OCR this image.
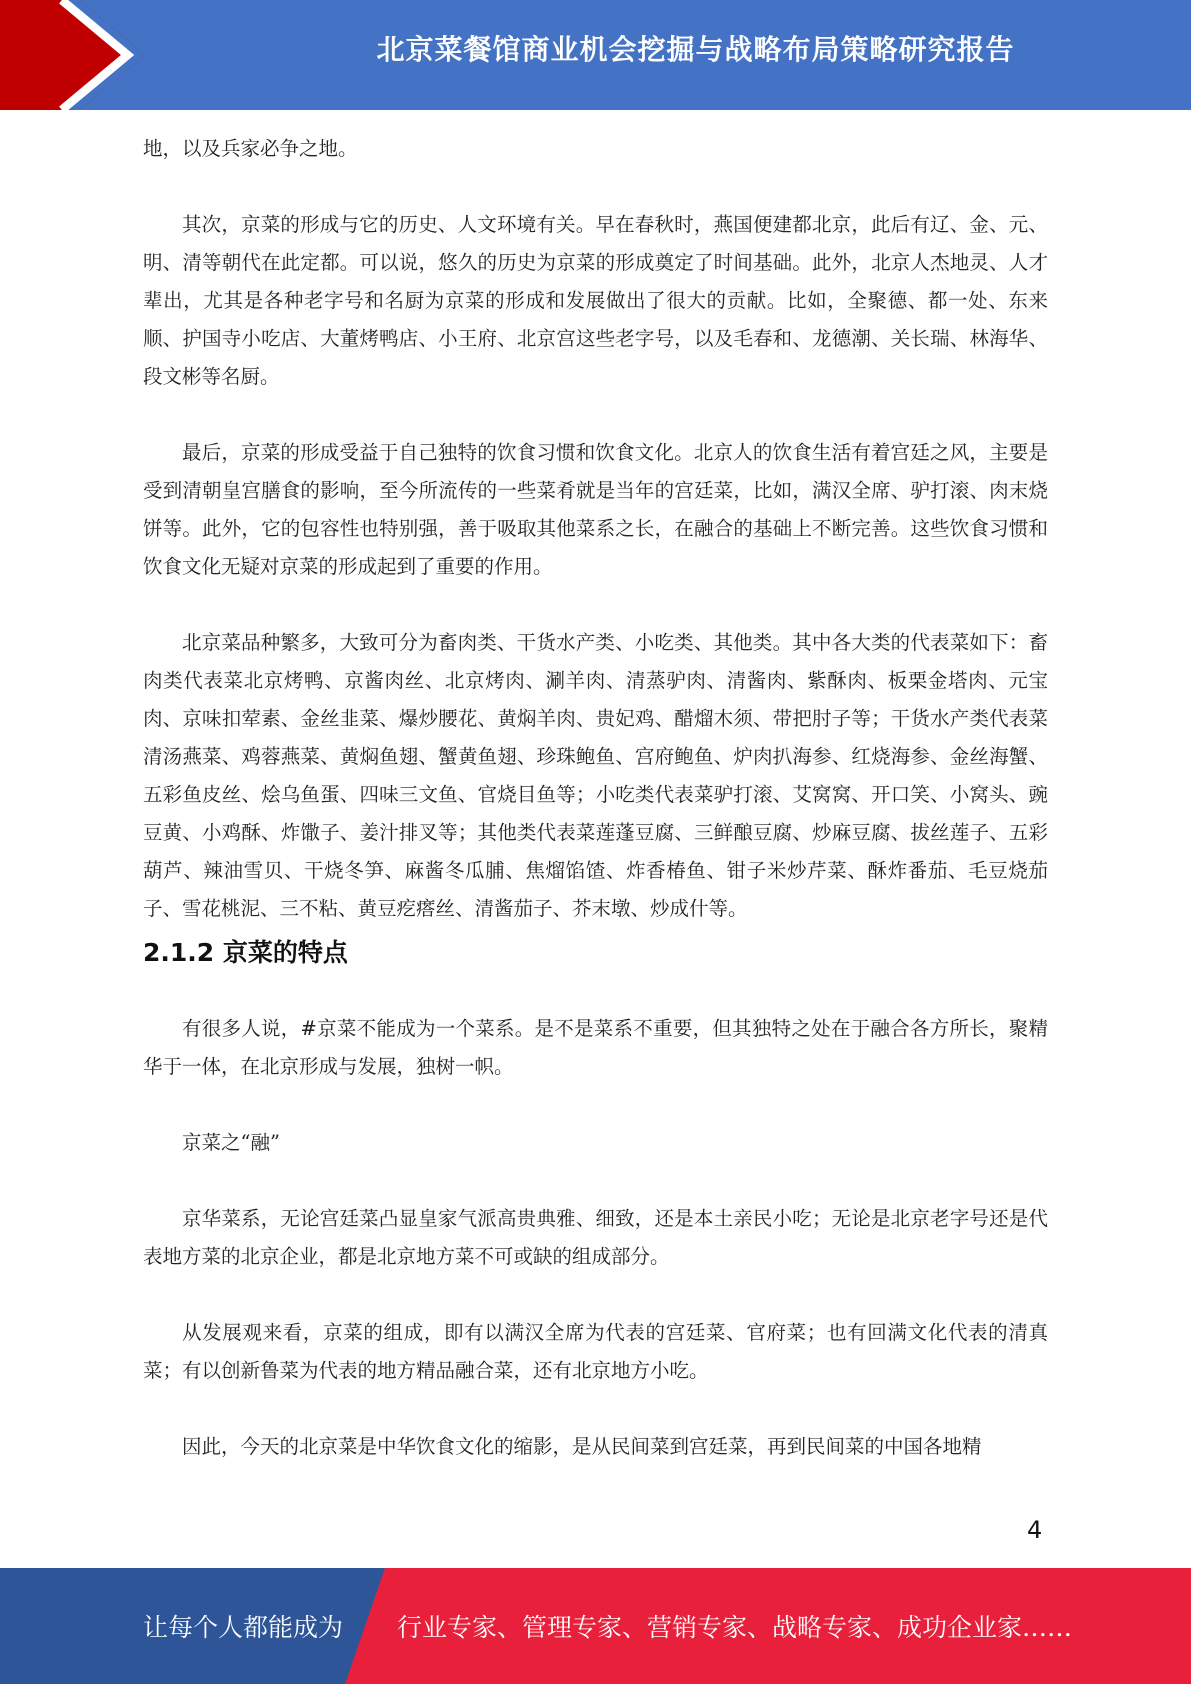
北京菜餐馆商业机会挖掘与战略布局策略研究报告

地，以及兵家必争之地。

其次，京菜的形成与它的历史、人文环境有关。早在春秋时，燕国便建都北京，此后有辽、金、元、明、清等朝代在此定都。可以说，悠久的历史为京菜的形成奠定了时间基础。此外，北京人杰地灵、人才辈出，尤其是各种老字号和名厨为京菜的形成和发展做出了很大的贡献。比如，全聚德、都一处、东来顺、护国寺小吃店、大董烤鸭店、小王府、北京宫这些老字号，以及毛春和、龙德潮、关长瑞、林海华、段文彬等名厨。

最后，京菜的形成受益于自己独特的饮食习惯和饮食文化。北京人的饮食生活有着宫廷之风，主要是受到清朝皇宫膳食的影响，至今所流传的一些菜肴就是当年的宫廷菜，比如，满汉全席、驴打滚、肉末烧饼等。此外，它的包容性也特别强，善于吸取其他菜系之长，在融合的基础上不断完善。这些饮食习惯和饮食文化无疑对京菜的形成起到了重要的作用。

北京菜品种繁多，大致可分为畜肉类、干货水产类、小吃类、其他类。其中各大类的代表菜如下：畜肉类代表菜北京烤鸭、京酱肉丝、北京烤肉、涮羊肉、清蒸驴肉、清酱肉、紫酥肉、板栗金塔肉、元宝肉、京味扣荤素、金丝韭菜、爆炒腰花、黄焖羊肉、贵妃鸡、醋熘木须、带把肘子等；干货水产类代表菜清汤燕菜、鸡蓉燕菜、黄焖鱼翅、蟹黄鱼翅、珍珠鲍鱼、宫府鲍鱼、炉肉扒海参、红烧海参、金丝海蟹、五彩鱼皮丝、烩乌鱼蛋、四味三文鱼、官烧目鱼等；小吃类代表菜驴打滚、艾窝窝、开口笑、小窝头、豌豆黄、小鸡酥、炸馓子、姜汁排叉等；其他类代表菜莲蓬豆腐、三鲜酿豆腐、炒麻豆腐、拔丝莲子、五彩葫芦、辣油雪贝、干烧冬笋、麻酱冬瓜脯、焦熘馅馇、炸香椿鱼、钳子米炒芹菜、酥炸番茄、毛豆烧茄子、雪花桃泥、三不粘、黄豆疙瘩丝、清酱茄子、芥末墩、炒成什等。

2.1.2 京菜的特点

有很多人说，#京菜不能成为一个菜系。是不是菜系不重要，但其独特之处在于融合各方所长，聚精华于一体，在北京形成与发展，独树一帜。

京菜之“融”

京华菜系，无论宫廷菜凸显皇家气派高贵典雅、细致，还是本土亲民小吃；无论是北京老字号还是代表地方菜的北京企业，都是北京地方菜不可或缺的组成部分。

从发展观来看，京菜的组成，即有以满汉全席为代表的宫廷菜、官府菜；也有回满文化代表的清真菜；有以创新鲁菜为代表的地方精品融合菜，还有北京地方小吃。

因此，今天的北京菜是中华饮食文化的缩影，是从民间菜到宫廷菜，再到民间菜的中国各地精

4
让每个人都能成为 行业专家、管理专家、营销专家、战略专家、成功企业家……
